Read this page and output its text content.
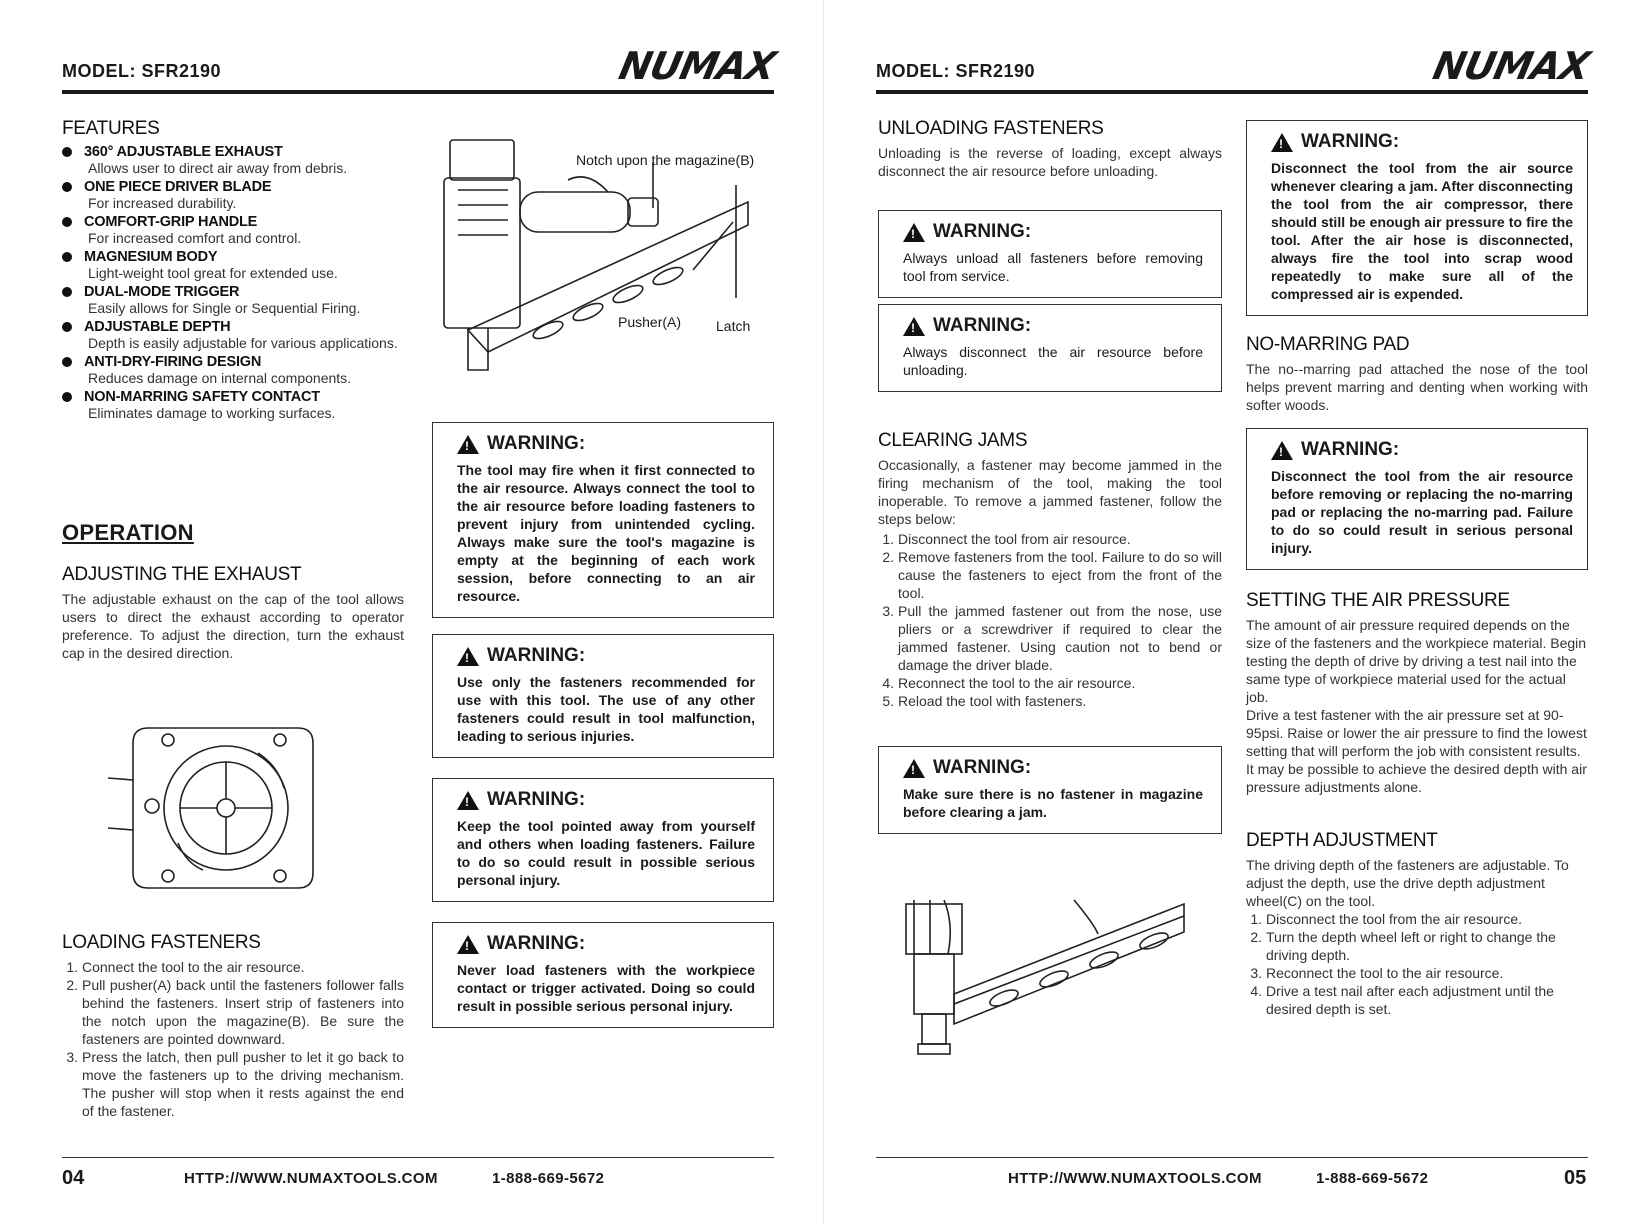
MODEL: SFR2190	NUMAX
FEATURES
360° ADJUSTABLE EXHAUST
Allows user to direct air away from debris.
ONE PIECE DRIVER BLADE
For increased durability.
COMFORT-GRIP HANDLE
For increased comfort and control.
MAGNESIUM BODY
Light-weight tool great for extended use.
DUAL-MODE TRIGGER
Easily allows for Single or Sequential Firing.
ADJUSTABLE DEPTH
Depth is easily adjustable for various applications.
ANTI-DRY-FIRING DESIGN
Reduces damage on internal components.
NON-MARRING SAFETY CONTACT
Eliminates damage to working surfaces.
Notch upon the magazine(B)
Pusher(A) Latch
OPERATION
ADJUSTING THE EXHAUST
The adjustable exhaust on the cap of the tool allows users to direct the exhaust according to operator preference. To adjust the direction, turn the exhaust cap in the desired direction.
LOADING FASTENERS
1. Connect the tool to the air resource.
2. Pull pusher(A) back until the fasteners follower falls behind the fasteners. Insert strip of fasteners into the notch upon the magazine(B). Be sure the fasteners are pointed downward.
3. Press the latch, then pull pusher to let it go back to move the fasteners up to the driving mechanism. The pusher will stop when it rests against the end of the fastener.
!
WARNING:
The tool may fire when it first connected to the air resource. Always connect the tool to the air resource before loading fasteners to prevent injury from unintended cycling. Always make sure the tool's magazine is empty at the beginning of each work session, before connecting to an air resource.
!
WARNING:
Use only the fasteners recommended for use with this tool. The use of any other fasteners could result in tool malfunction, leading to serious injuries.
!
WARNING:
Keep the tool pointed away from yourself and others when loading fasteners. Failure to do so could result in possible serious personal injury.
!
WARNING:
Never load fasteners with the workpiece contact or trigger activated. Doing so could result in possible serious personal injury.
04	HTTP://WWW.NUMAXTOOLS.COM	1-888-669-5672
MODEL: SFR2190	NUMAX
UNLOADING FASTENERS
Unloading is the reverse of loading, except always disconnect the air resource before unloading.
!
WARNING:
Always unload all fasteners before removing tool from service.
!
WARNING:
Always disconnect the air resource before unloading.
CLEARING JAMS
Occasionally, a fastener may become jammed in the firing mechanism of the tool, making the tool inoperable. To remove a jammed fastener, follow the steps below:
1. Disconnect the tool from air resource.
2. Remove fasteners from the tool. Failure to do so will cause the fasteners to eject from the front of the tool.
3. Pull the jammed fastener out from the nose, use pliers or a screwdriver if required to clear the jammed fastener. Using caution not to bend or damage the driver blade.
4. Reconnect the tool to the air resource.
5. Reload the tool with fasteners.
!
WARNING:
Make sure there is no fastener in magazine before clearing a jam.
!
WARNING:
Disconnect the tool from the air source whenever clearing a jam. After disconnecting the tool from the air compressor, there should still be enough air pressure to fire the tool. After the air hose is disconnected, always fire the tool into scrap wood repeatedly to make sure all of the compressed air is expended.
NO-MARRING PAD
The no--marring pad attached the nose of the tool helps prevent marring and denting when working with softer woods.
!
WARNING:
Disconnect the tool from the air resource before removing or replacing the no-marring pad or replacing the no-marring pad. Failure to do so could result in serious personal injury.
SETTING THE AIR PRESSURE
The amount of air pressure required depends on the size of the fasteners and the workpiece material. Begin testing the depth of drive by driving a test nail into the same type of workpiece material used for the actual job.
Drive a test fastener with the air pressure set at 90-95psi. Raise or lower the air pressure to find the lowest setting that will perform the job with consistent results.
It may be possible to achieve the desired depth with air pressure adjustments alone.
DEPTH ADJUSTMENT
The driving depth of the fasteners are adjustable. To adjust the depth, use the drive depth adjustment wheel(C) on the tool.
1. Disconnect the tool from the air resource.
2. Turn the depth wheel left or right to change the driving depth.
3. Reconnect the tool to the air resource.
4. Drive a test nail after each adjustment until the desired depth is set.
HTTP://WWW.NUMAXTOOLS.COM	1-888-669-5672	05
